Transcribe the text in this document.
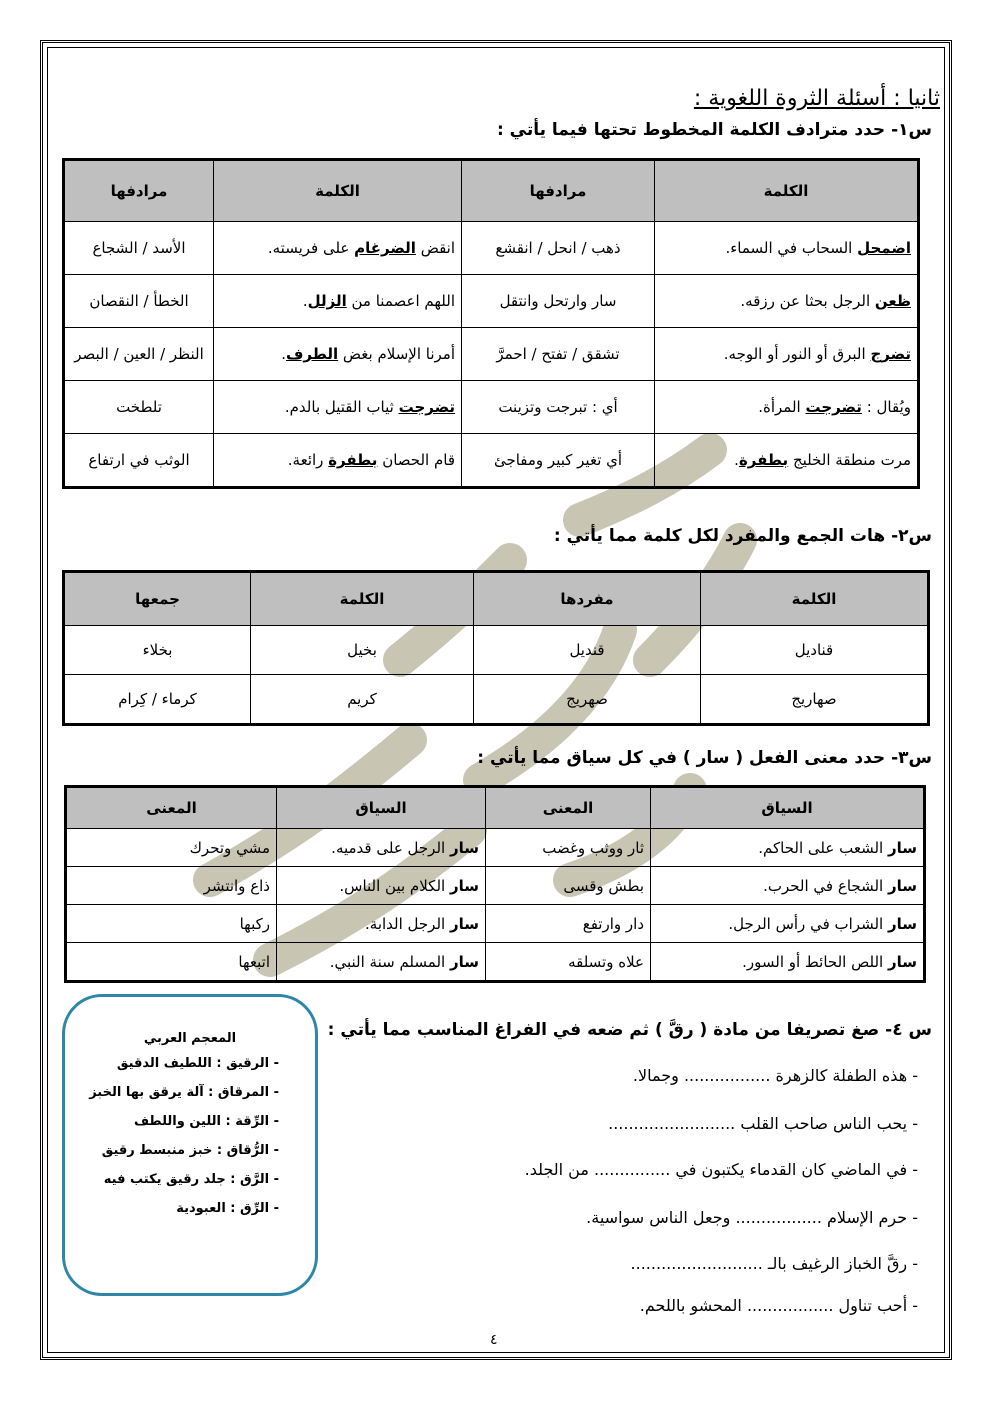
ثانيا : أسئلة الثروة اللغوية :
س١- حدد مترادف الكلمة المخطوط تحتها فيما يأتي :
الكلمة	مرادفها	الكلمة	مرادفها
اضمحل السحاب في السماء.	ذهب / انحل / انقشع	انقض الضرغام على فريسته.	الأسد / الشجاع
ظعن الرجل بحثا عن رزقه.	سار وارتحل وانتقل	اللهم اعصمنا من الزلل.	الخطأ / النقصان
تضرج البرق أو النور أو الوجه.	تشقق / تفتح / احمرَّ	أمرنا الإسلام بغض الطرف.	النظر / العين / البصر
ويُقال : تضرجت المرأة.	أي : تبرجت وتزينت	تضرجت ثياب القتيل بالدم.	تلطخت
مرت منطقة الخليج بطفرة.	أي تغير كبير ومفاجئ	قام الحصان بطفرة رائعة.	الوثب في ارتفاع
س٢- هات الجمع والمفرد لكل كلمة مما يأتي :
الكلمة	مفردها	الكلمة	جمعها
قناديل	قنديل	بخيل	بخلاء
صهاريج	صهريج	كريم	كرماء / كِرام
س٣- حدد معنى الفعل ( سار ) في كل سياق مما يأتي :
السياق	المعنى	السياق	المعنى
سار الشعب على الحاكم.	ثار ووثب وغضب	سار الرجل على قدميه.	مشي وتحرك
سار الشجاع في الحرب.	بطش وقسى	سار الكلام بين الناس.	ذاع وانتشر
سار الشراب في رأس الرجل.	دار وارتفع	سار الرجل الدابة.	ركبها
سار اللص الحائط أو السور.	علاه وتسلقه	سار المسلم سنة النبي.	اتبعها
س ٤- صغ تصريفا من مادة ( رقَّ ) ثم ضعه في الفراغ المناسب مما يأتي :
- هذه الطفلة كالزهرة ................. وجمالا.
- يحب الناس صاحب القلب .........................
- في الماضي كان القدماء يكتبون في ............... من الجلد.
- حرم الإسلام ................. وجعل الناس سواسية.
- رقَّ الخباز الرغيف بالـ ..........................
- أحب تناول ................. المحشو باللحم.
المعجم العربي
- الرقيق : اللطيف الدقيق
- المرقاق : آلة يرقق بها الخبز
- الرِّقة : اللين واللطف
- الرُّقاق : خبز منبسط رقيق
- الرَّق : جلد رقيق يكتب فيه
- الرِّق : العبودية
٤
